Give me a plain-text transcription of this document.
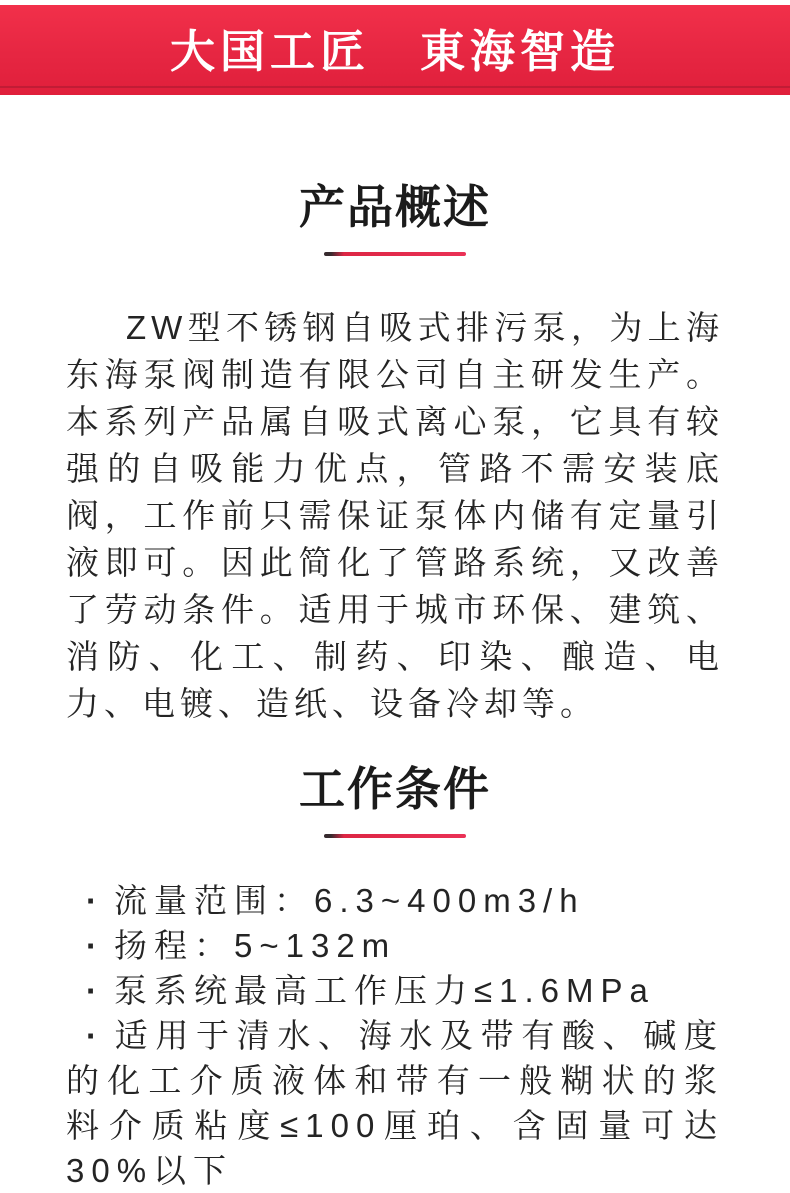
大国工匠　東海智造
产品概述

ZW型不锈钢自吸式排污泵，为上海东海泵阀制造有限公司自主研发生产。本系列产品属自吸式离心泵，它具有较强的自吸能力优点，管路不需安装底阀，工作前只需保证泵体内储有定量引液即可。因此简化了管路系统，又改善了劳动条件。适用于城市环保、建筑、消防、化工、制药、印染、酿造、电力、电镀、造纸、设备冷却等。

工作条件
· 流量范围：6.3~400m3/h
· 扬程：5~132m
· 泵系统最高工作压力≤1.6MPa
· 适用于清水、海水及带有酸、碱度的化工介质液体和带有一般糊状的浆料介质粘度≤100厘珀、含固量可达30%以下
